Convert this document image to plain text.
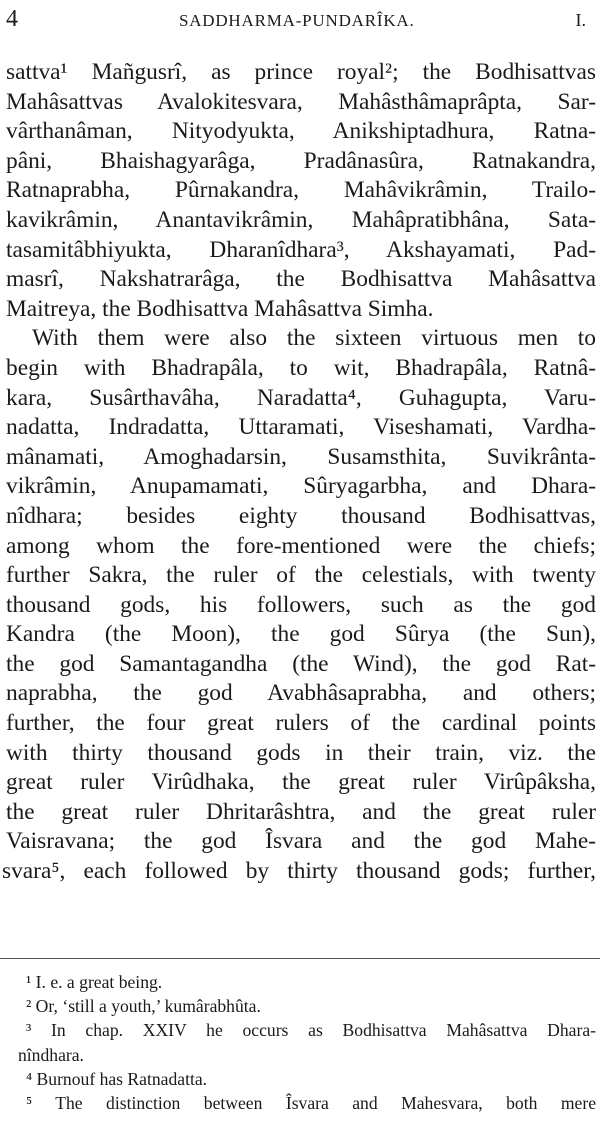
4	SADDHARMA-PUNDARÎKA.	I.
sattva¹ Mañgusrî, as prince royal²; the Bodhisattvas
Mahâsattvas Avalokitesvara, Mahâsthâmaprâpta, Sar-
vârthanâman, Nityodyukta, Anikshiptadhura, Ratna-
pâni, Bhaishagyarâga, Pradânasûra, Ratnakandra,
Ratnaprabha, Pûrnakandra, Mahâvikrâmin, Trailo-
kavikrâmin, Anantavikrâmin, Mahâpratibhâna, Sata-
tasamitâbhiyukta, Dharanîdhara³, Akshayamati, Pad-
masrî, Nakshatrarâga, the Bodhisattva Mahâsattva
Maitreya, the Bodhisattva Mahâsattva Simha.
With them were also the sixteen virtuous men to
begin with Bhadrapâla, to wit, Bhadrapâla, Ratnâ-
kara, Susârthavâha, Naradatta⁴, Guhagupta, Varu-
nadatta, Indradatta, Uttaramati, Viseshamati, Vardha-
mânamati, Amoghadarsin, Susamsthita, Suvikrânta-
vikrâmin, Anupamamati, Sûryagarbha, and Dhara-
nîdhara; besides eighty thousand Bodhisattvas,
among whom the fore-mentioned were the chiefs;
further Sakra, the ruler of the celestials, with twenty
thousand gods, his followers, such as the god
Kandra (the Moon), the god Sûrya (the Sun),
the god Samantagandha (the Wind), the god Rat-
naprabha, the god Avabhâsaprabha, and others;
further, the four great rulers of the cardinal points
with thirty thousand gods in their train, viz. the
great ruler Virûdhaka, the great ruler Virûpâksha,
the great ruler Dhritarâshtra, and the great ruler
Vaisravana; the god Îsvara and the god Mahe-
svara⁵, each followed by thirty thousand gods; further,
¹ I. e. a great being.
² Or, ‘still a youth,’ kumârabhûta.
³ In chap. XXIV he occurs as Bodhisattva Mahâsattva Dhara-
nîndhara.
⁴ Burnouf has Ratnadatta.
⁵ The distinction between Îsvara and Mahesvara, both mere
